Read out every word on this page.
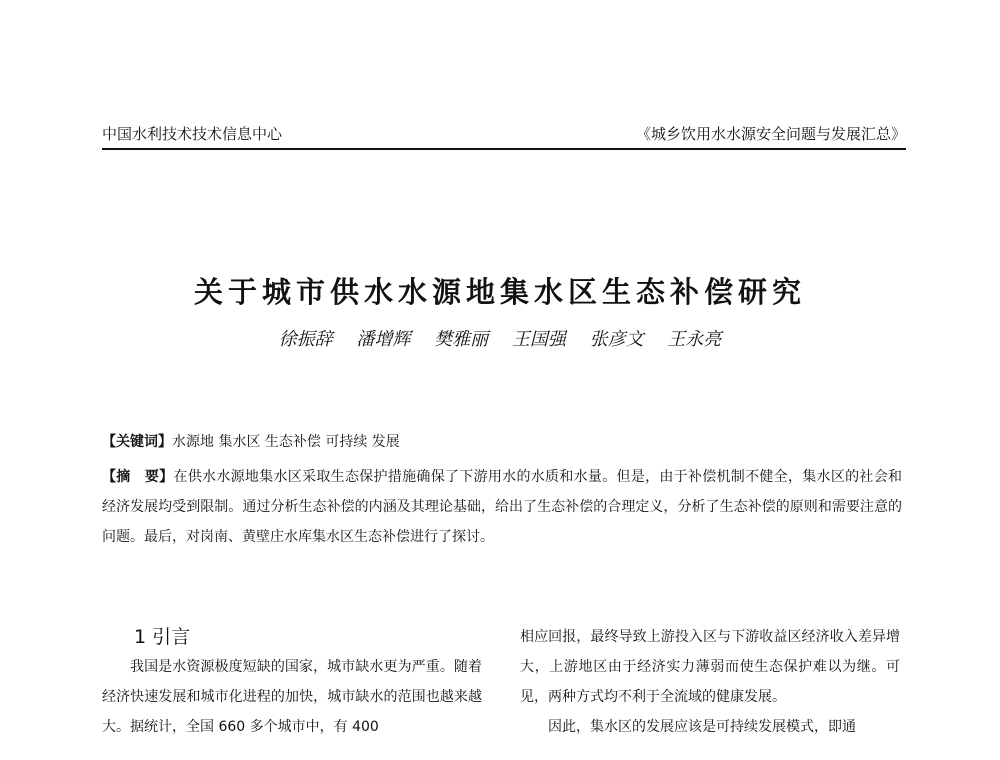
中国水利技术技术信息中心	《城乡饮用水水源安全问题与发展汇总》
关于城市供水水源地集水区生态补偿研究
徐振辞 潘增辉 樊雅丽 王国强 张彦文 王永亮
【关键词】水源地 集水区 生态补偿 可持续 发展
【摘　要】在供水水源地集水区采取生态保护措施确保了下游用水的水质和水量。但是，由于补偿机制不健全，集水区的社会和 经济发展均受到限制。通过分析生态补偿的内涵及其理论基础，给出了生态补偿的合理定义，分析了生态补偿的原则和需要注意的问题。最后，对岗南、黄壁庄水库集水区生态补偿进行了探讨。
1 引言

我国是水资源极度短缺的国家，城市缺水更为严重。随着经济快速发展和城市化进程的加快，城市缺水的范围也越来越大。据统计，全国 660 多个城市中，有 400

相应回报，最终导致上游投入区与下游收益区经济收入差异增大，上游地区由于经济实力薄弱而使生态保护难以为继。可见，两种方式均不利于全流域的健康发展。

因此，集水区的发展应该是可持续发展模式，即通
